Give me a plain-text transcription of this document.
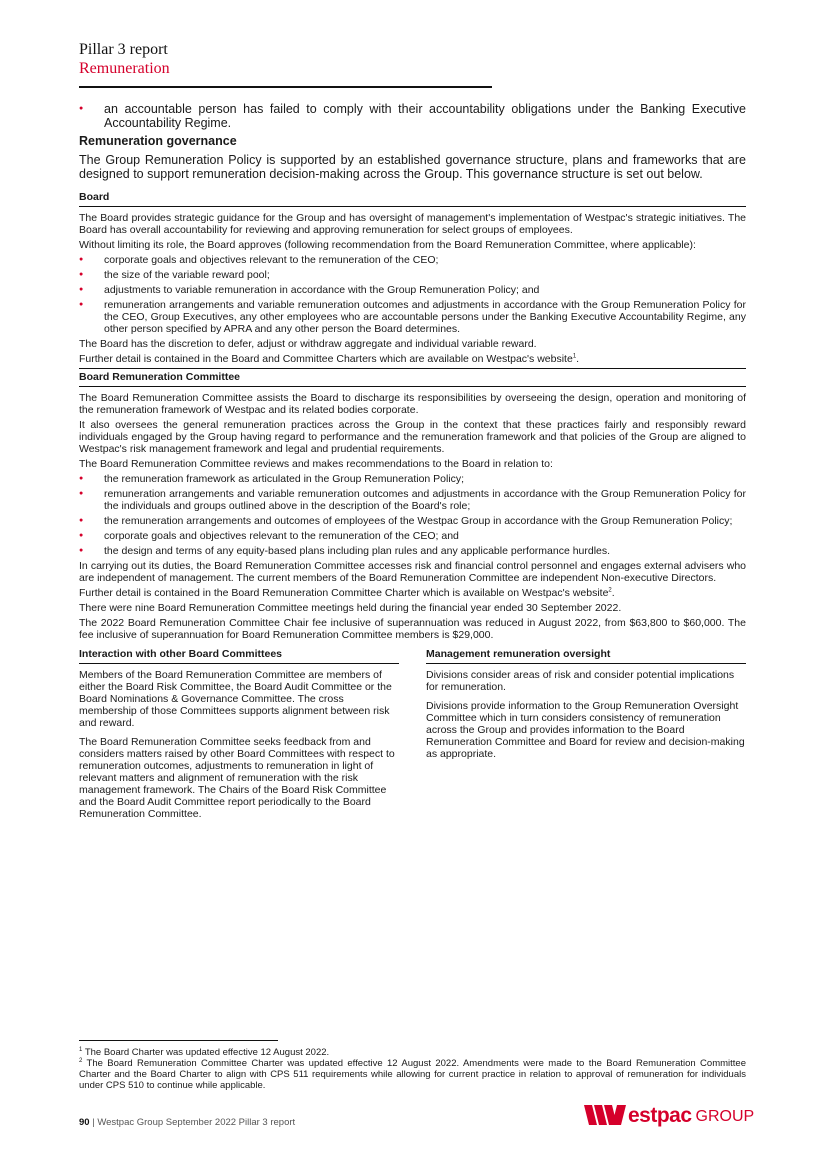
Pillar 3 report
Remuneration
● an accountable person has failed to comply with their accountability obligations under the Banking Executive Accountability Regime.
Remuneration governance

The Group Remuneration Policy is supported by an established governance structure, plans and frameworks that are designed to support remuneration decision-making across the Group. This governance structure is set out below.

Board

The Board provides strategic guidance for the Group and has oversight of management's implementation of Westpac's strategic initiatives. The Board has overall accountability for reviewing and approving remuneration for select groups of employees.

Without limiting its role, the Board approves (following recommendation from the Board Remuneration Committee, where applicable):

● corporate goals and objectives relevant to the remuneration of the CEO;
● the size of the variable reward pool;
● adjustments to variable remuneration in accordance with the Group Remuneration Policy; and
● remuneration arrangements and variable remuneration outcomes and adjustments in accordance with the Group Remuneration Policy for the CEO, Group Executives, any other employees who are accountable persons under the Banking Executive Accountability Regime, any other person specified by APRA and any other person the Board determines.

The Board has the discretion to defer, adjust or withdraw aggregate and individual variable reward.

Further detail is contained in the Board and Committee Charters which are available on Westpac's website$^1$.

Board Remuneration Committee

The Board Remuneration Committee assists the Board to discharge its responsibilities by overseeing the design, operation and monitoring of the remuneration framework of Westpac and its related bodies corporate.

It also oversees the general remuneration practices across the Group in the context that these practices fairly and responsibly reward individuals engaged by the Group having regard to performance and the remuneration framework and that policies of the Group are aligned to Westpac's risk management framework and legal and prudential requirements.

The Board Remuneration Committee reviews and makes recommendations to the Board in relation to:

● the remuneration framework as articulated in the Group Remuneration Policy;
● remuneration arrangements and variable remuneration outcomes and adjustments in accordance with the Group Remuneration Policy for the individuals and groups outlined above in the description of the Board's role;
● the remuneration arrangements and outcomes of employees of the Westpac Group in accordance with the Group Remuneration Policy;
● corporate goals and objectives relevant to the remuneration of the CEO; and
● the design and terms of any equity-based plans including plan rules and any applicable performance hurdles.

In carrying out its duties, the Board Remuneration Committee accesses risk and financial control personnel and engages external advisers who are independent of management. The current members of the Board Remuneration Committee are independent Non-executive Directors.

Further detail is contained in the Board Remuneration Committee Charter which is available on Westpac's website$^2$.

There were nine Board Remuneration Committee meetings held during the financial year ended 30 September 2022.

The 2022 Board Remuneration Committee Chair fee inclusive of superannuation was reduced in August 2022, from $63,800 to $60,000. The fee inclusive of superannuation for Board Remuneration Committee members is $29,000.

Interaction with other Board Committees

Members of the Board Remuneration Committee are members of either the Board Risk Committee, the Board Audit Committee or the Board Nominations & Governance Committee. The cross membership of those Committees supports alignment between risk and reward.

The Board Remuneration Committee seeks feedback from and considers matters raised by other Board Committees with respect to remuneration outcomes, adjustments to remuneration in light of relevant matters and alignment of remuneration with the risk management framework. The Chairs of the Board Risk Committee and the Board Audit Committee report periodically to the Board Remuneration Committee.

Management remuneration oversight

Divisions consider areas of risk and consider potential implications for remuneration.

Divisions provide information to the Group Remuneration Oversight Committee which in turn considers consistency of remuneration across the Group and provides information to the Board Remuneration Committee and Board for review and decision-making as appropriate.

$^1$ The Board Charter was updated effective 12 August 2022.

$^2$ The Board Remuneration Committee Charter was updated effective 12 August 2022. Amendments were made to the Board Remuneration Committee Charter and the Board Charter to align with CPS 511 requirements while allowing for current practice in relation to approval of remuneration for individuals under CPS 510 to continue while applicable.

90 | Westpac Group September 2022 Pillar 3 report	estpac GROUP
